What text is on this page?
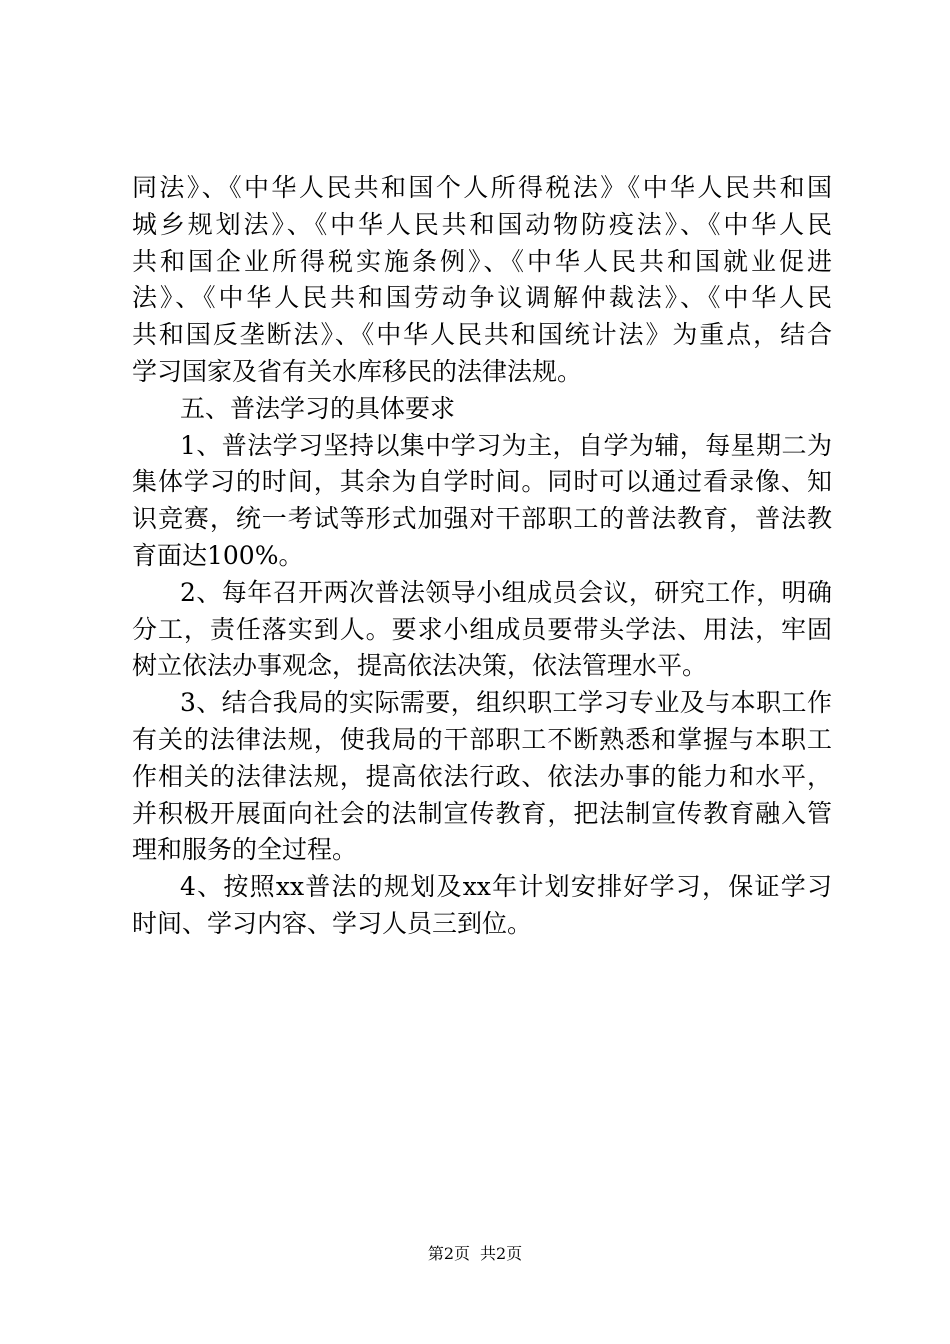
同法》、《中华人民共和国个人所得税法》《中华人民共和国
城乡规划法》、《中华人民共和国动物防疫法》、《中华人民
共和国企业所得税实施条例》、《中华人民共和国就业促进
法》、《中华人民共和国劳动争议调解仲裁法》、《中华人民
共和国反垄断法》、《中华人民共和国统计法》为重点，结合
学习国家及省有关水库移民的法律法规。
五、普法学习的具体要求
1、普法学习坚持以集中学习为主，自学为辅，每星期二为
集体学习的时间，其余为自学时间。同时可以通过看录像、知
识竞赛，统一考试等形式加强对干部职工的普法教育，普法教
育面达100%。
2、每年召开两次普法领导小组成员会议，研究工作，明确
分工，责任落实到人。要求小组成员要带头学法、用法，牢固
树立依法办事观念，提高依法决策，依法管理水平。
3、结合我局的实际需要，组织职工学习专业及与本职工作
有关的法律法规，使我局的干部职工不断熟悉和掌握与本职工
作相关的法律法规，提高依法行政、依法办事的能力和水平，
并积极开展面向社会的法制宣传教育，把法制宣传教育融入管
理和服务的全过程。
4、按照xx普法的规划及xx年计划安排好学习，保证学习
时间、学习内容、学习人员三到位。
第2页 共2页
